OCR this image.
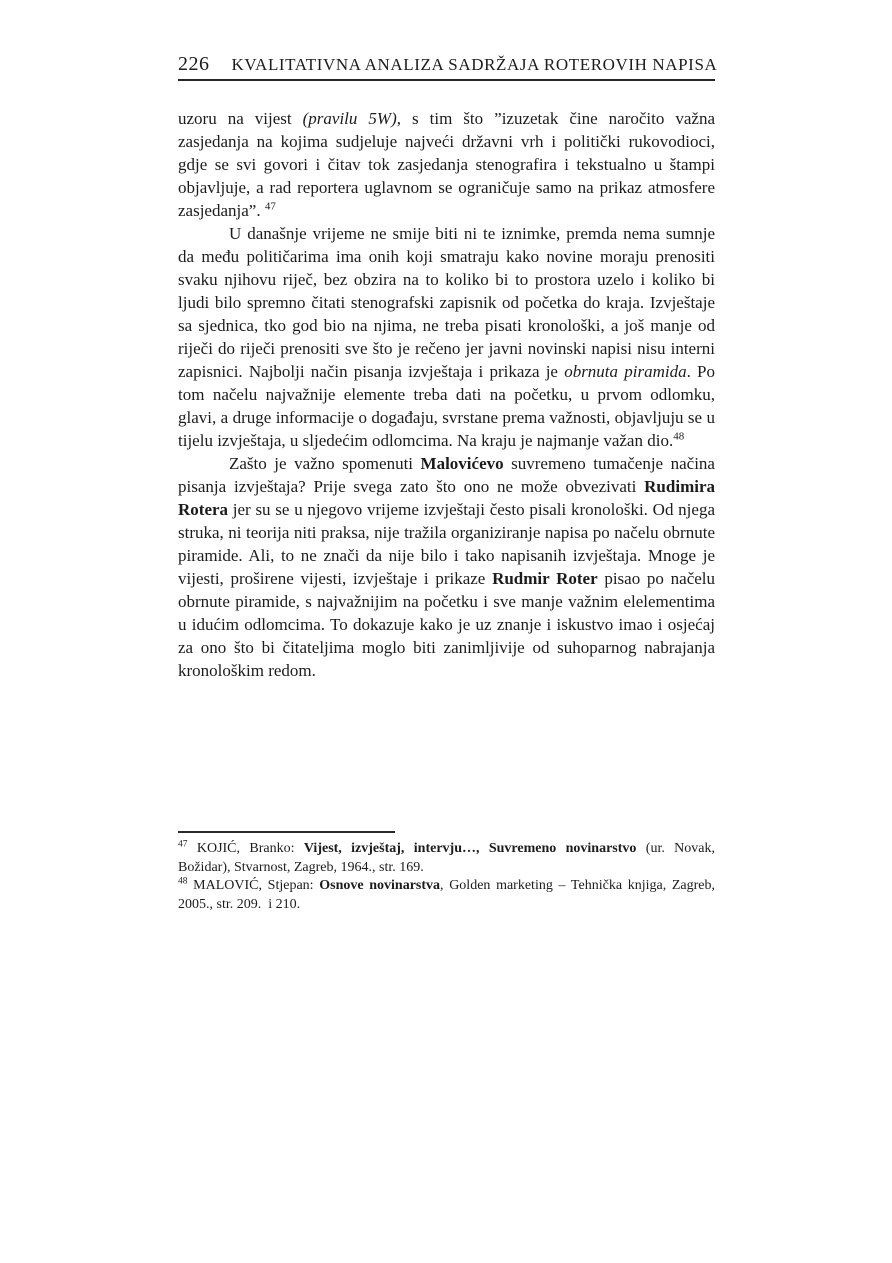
226 KVALITATIVNA ANALIZA SADRŽAJA ROTEROVIH NAPISA

uzoru na vijest (pravilu 5W), s tim što ”izuzetak čine naročito važna zasjedanja na kojima sudjeluje najveći državni vrh i politički rukovodioci, gdje se svi govori i čitav tok zasjedanja stenografira i tekstualno u štampi objavljuje, a rad reportera uglavnom se ograničuje samo na prikaz atmosfere zasjedanja”. $^{47}$

U današnje vrijeme ne smije biti ni te iznimke, premda nema sumnje da među političarima ima onih koji smatraju kako novine moraju prenositi svaku njihovu riječ, bez obzira na to koliko bi to prostora uzelo i koliko bi ljudi bilo spremno čitati stenografski zapisnik od početka do kraja. Izvještaje sa sjednica, tko god bio na njima, ne treba pisati kronološki, a još manje od riječi do riječi prenositi sve što je rečeno jer javni novinski napisi nisu interni zapisnici. Najbolji način pisanja izvještaja i prikaza je obrnuta piramida. Po tom načelu najvažnije elemente treba dati na početku, u prvom odlomku, glavi, a druge informacije o događaju, svrstane prema važnosti, objavljuju se u tijelu izvještaja, u sljedećim odlomcima. Na kraju je najmanje važan dio.$^{48}$

Zašto je važno spomenuti Malovićevo suvremeno tumačenje načina pisanja izvještaja? Prije svega zato što ono ne može obvezivati Rudimira Rotera jer su se u njegovo vrijeme izvještaji često pisali kronološki. Od njega struka, ni teorija niti praksa, nije tražila organiziranje napisa po načelu obrnute piramide. Ali, to ne znači da nije bilo i tako napisanih izvještaja. Mnoge je vijesti, proširene vijesti, izvještaje i prikaze Rudmir Roter pisao po načelu obrnute piramide, s najvažnijim na početku i sve manje važnim elelementima u idućim odlomcima. To dokazuje kako je uz znanje i iskustvo imao i osjećaj za ono što bi čitateljima moglo biti zanimljivije od suhoparnog nabrajanja kronološkim redom.

$^{47}$ KOJIĆ, Branko: Vijest, izvještaj, intervju…, Suvremeno novinarstvo (ur. Novak, Božidar), Stvarnost, Zagreb, 1964., str. 169.

$^{48}$ MALOVIĆ, Stjepan: Osnove novinarstva, Golden marketing – Tehnička knjiga, Zagreb, 2005., str. 209.  i 210.
